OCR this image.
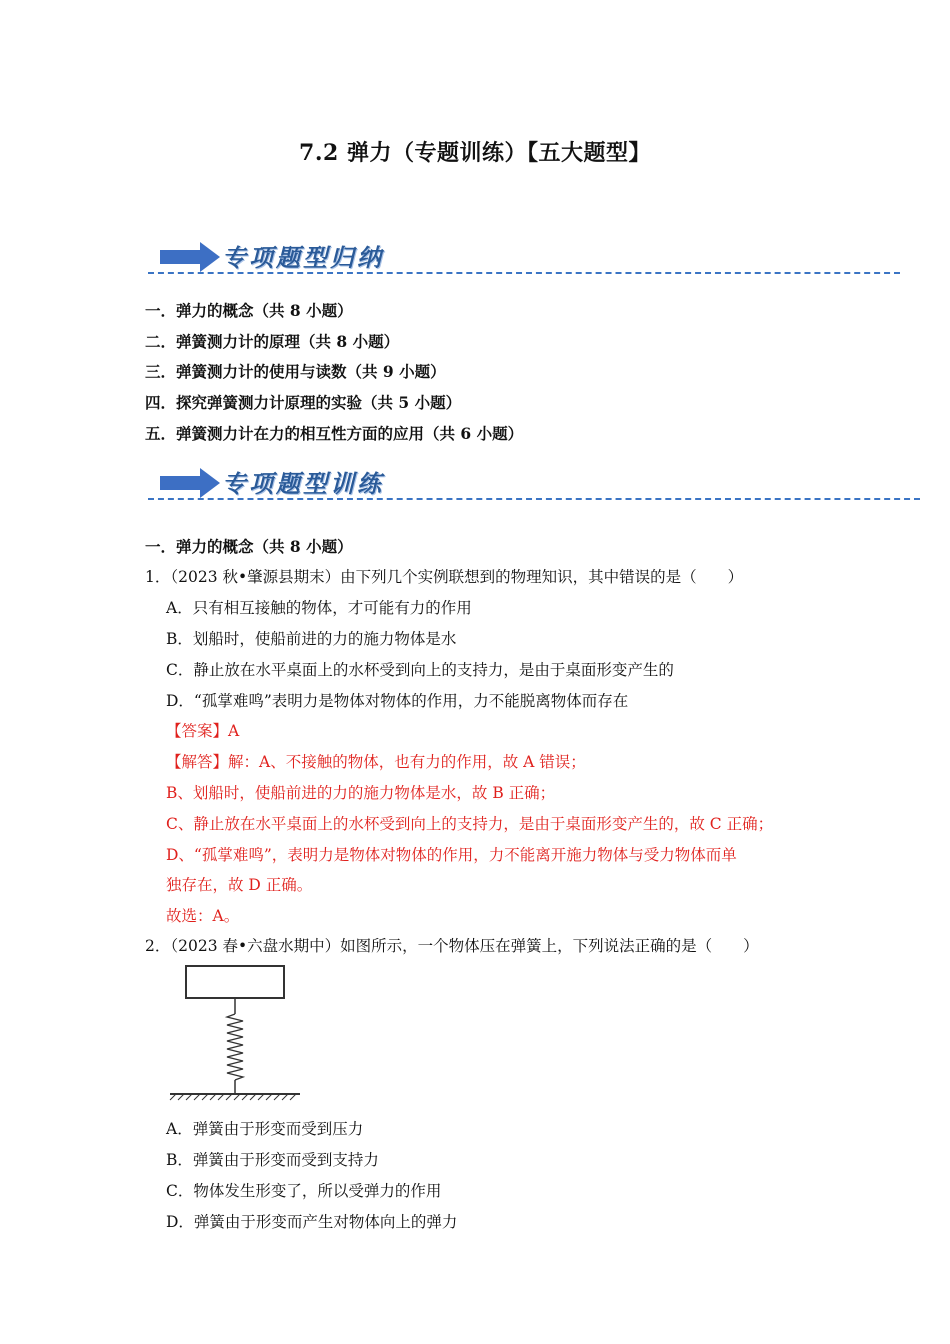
7.2 弹力（专题训练）【五大题型】
专项题型归纳
一．弹力的概念（共 8 小题）
二．弹簧测力计的原理（共 8 小题）
三．弹簧测力计的使用与读数（共 9 小题）
四．探究弹簧测力计原理的实验（共 5 小题）
五．弹簧测力计在力的相互性方面的应用（共 6 小题）
专项题型训练
一．弹力的概念（共 8 小题）
1．（2023 秋•肇源县期末）由下列几个实例联想到的物理知识，其中错误的是（　　）
A．只有相互接触的物体，才可能有力的作用
B．划船时，使船前进的力的施力物体是水
C．静止放在水平桌面上的水杯受到向上的支持力，是由于桌面形变产生的
D．“孤掌难鸣”表明力是物体对物体的作用，力不能脱离物体而存在
【答案】A
【解答】解：A、不接触的物体，也有力的作用，故 A 错误；
B、划船时，使船前进的力的施力物体是水，故 B 正确；
C、静止放在水平桌面上的水杯受到向上的支持力，是由于桌面形变产生的，故 C 正确；
D、“孤掌难鸣”，表明力是物体对物体的作用，力不能离开施力物体与受力物体而单
独存在，故 D 正确。
故选：A。
2．（2023 春•六盘水期中）如图所示，一个物体压在弹簧上，下列说法正确的是（　　）
A．弹簧由于形变而受到压力
B．弹簧由于形变而受到支持力
C．物体发生形变了，所以受弹力的作用
D．弹簧由于形变而产生对物体向上的弹力
